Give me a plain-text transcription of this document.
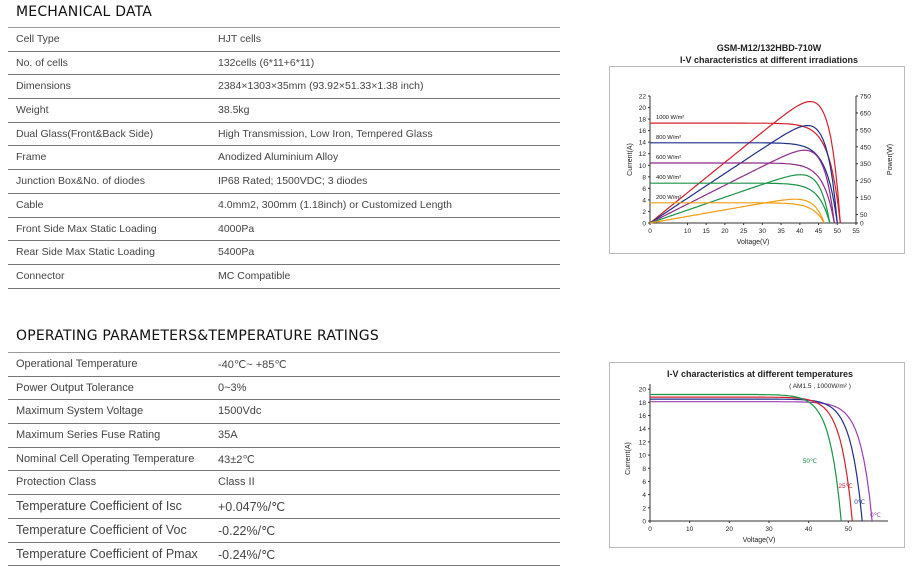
MECHANICAL DATA
Cell Type	HJT cells
No. of cells	132cells (6*11+6*11)
Dimensions	2384×1303×35mm (93.92×51.33×1.38 inch)
Weight	38.5kg
Dual Glass(Front&Back Side)	High Transmission, Low Iron, Tempered Glass
Frame	Anodized Aluminium Alloy
Junction Box&No. of diodes	IP68 Rated; 1500VDC; 3 diodes
Cable	4.0mm2, 300mm (1.18inch) or Customized Length
Front Side Max Static Loading	4000Pa
Rear Side Max Static Loading	5400Pa
Connector	MC Compatible
OPERATING PARAMETERS&TEMPERATURE RATINGS
Operational Temperature	-40℃~ +85℃
Power Output Tolerance	0~3%
Maximum System Voltage	1500Vdc
Maximum Series Fuse Rating	35A
Nominal Cell Operating Temperature 43±2℃
Protection Class	Class II
Temperature Coefficient of Isc	+0.047%/℃
Temperature Coefficient of Voc	-0.22%/℃
Temperature Coefficient of Pmax -0.24%/℃
0
2
4
6
8
10
12
14
16
18
20
22
0
50
150
250
350
450
550
650
750
0	10 15 20 25 30 35 40 45 50 55
Voltage(V)
Current(A)	Power(W)
1000 W/m²
800 W/m²
600 W/m²
400 W/m²
200 W/m²
I-V characteristics at different temperatures
( AM1.5 , 1000W/m² )
0
2
4
6
8
10
12
14
16
18
20
0	10	20	30	40	50
Voltage(V)
Current(A)
0℃
0℃
25℃
50℃
GSM-M12/132HBD-710W
I-V characteristics at different irradiations
